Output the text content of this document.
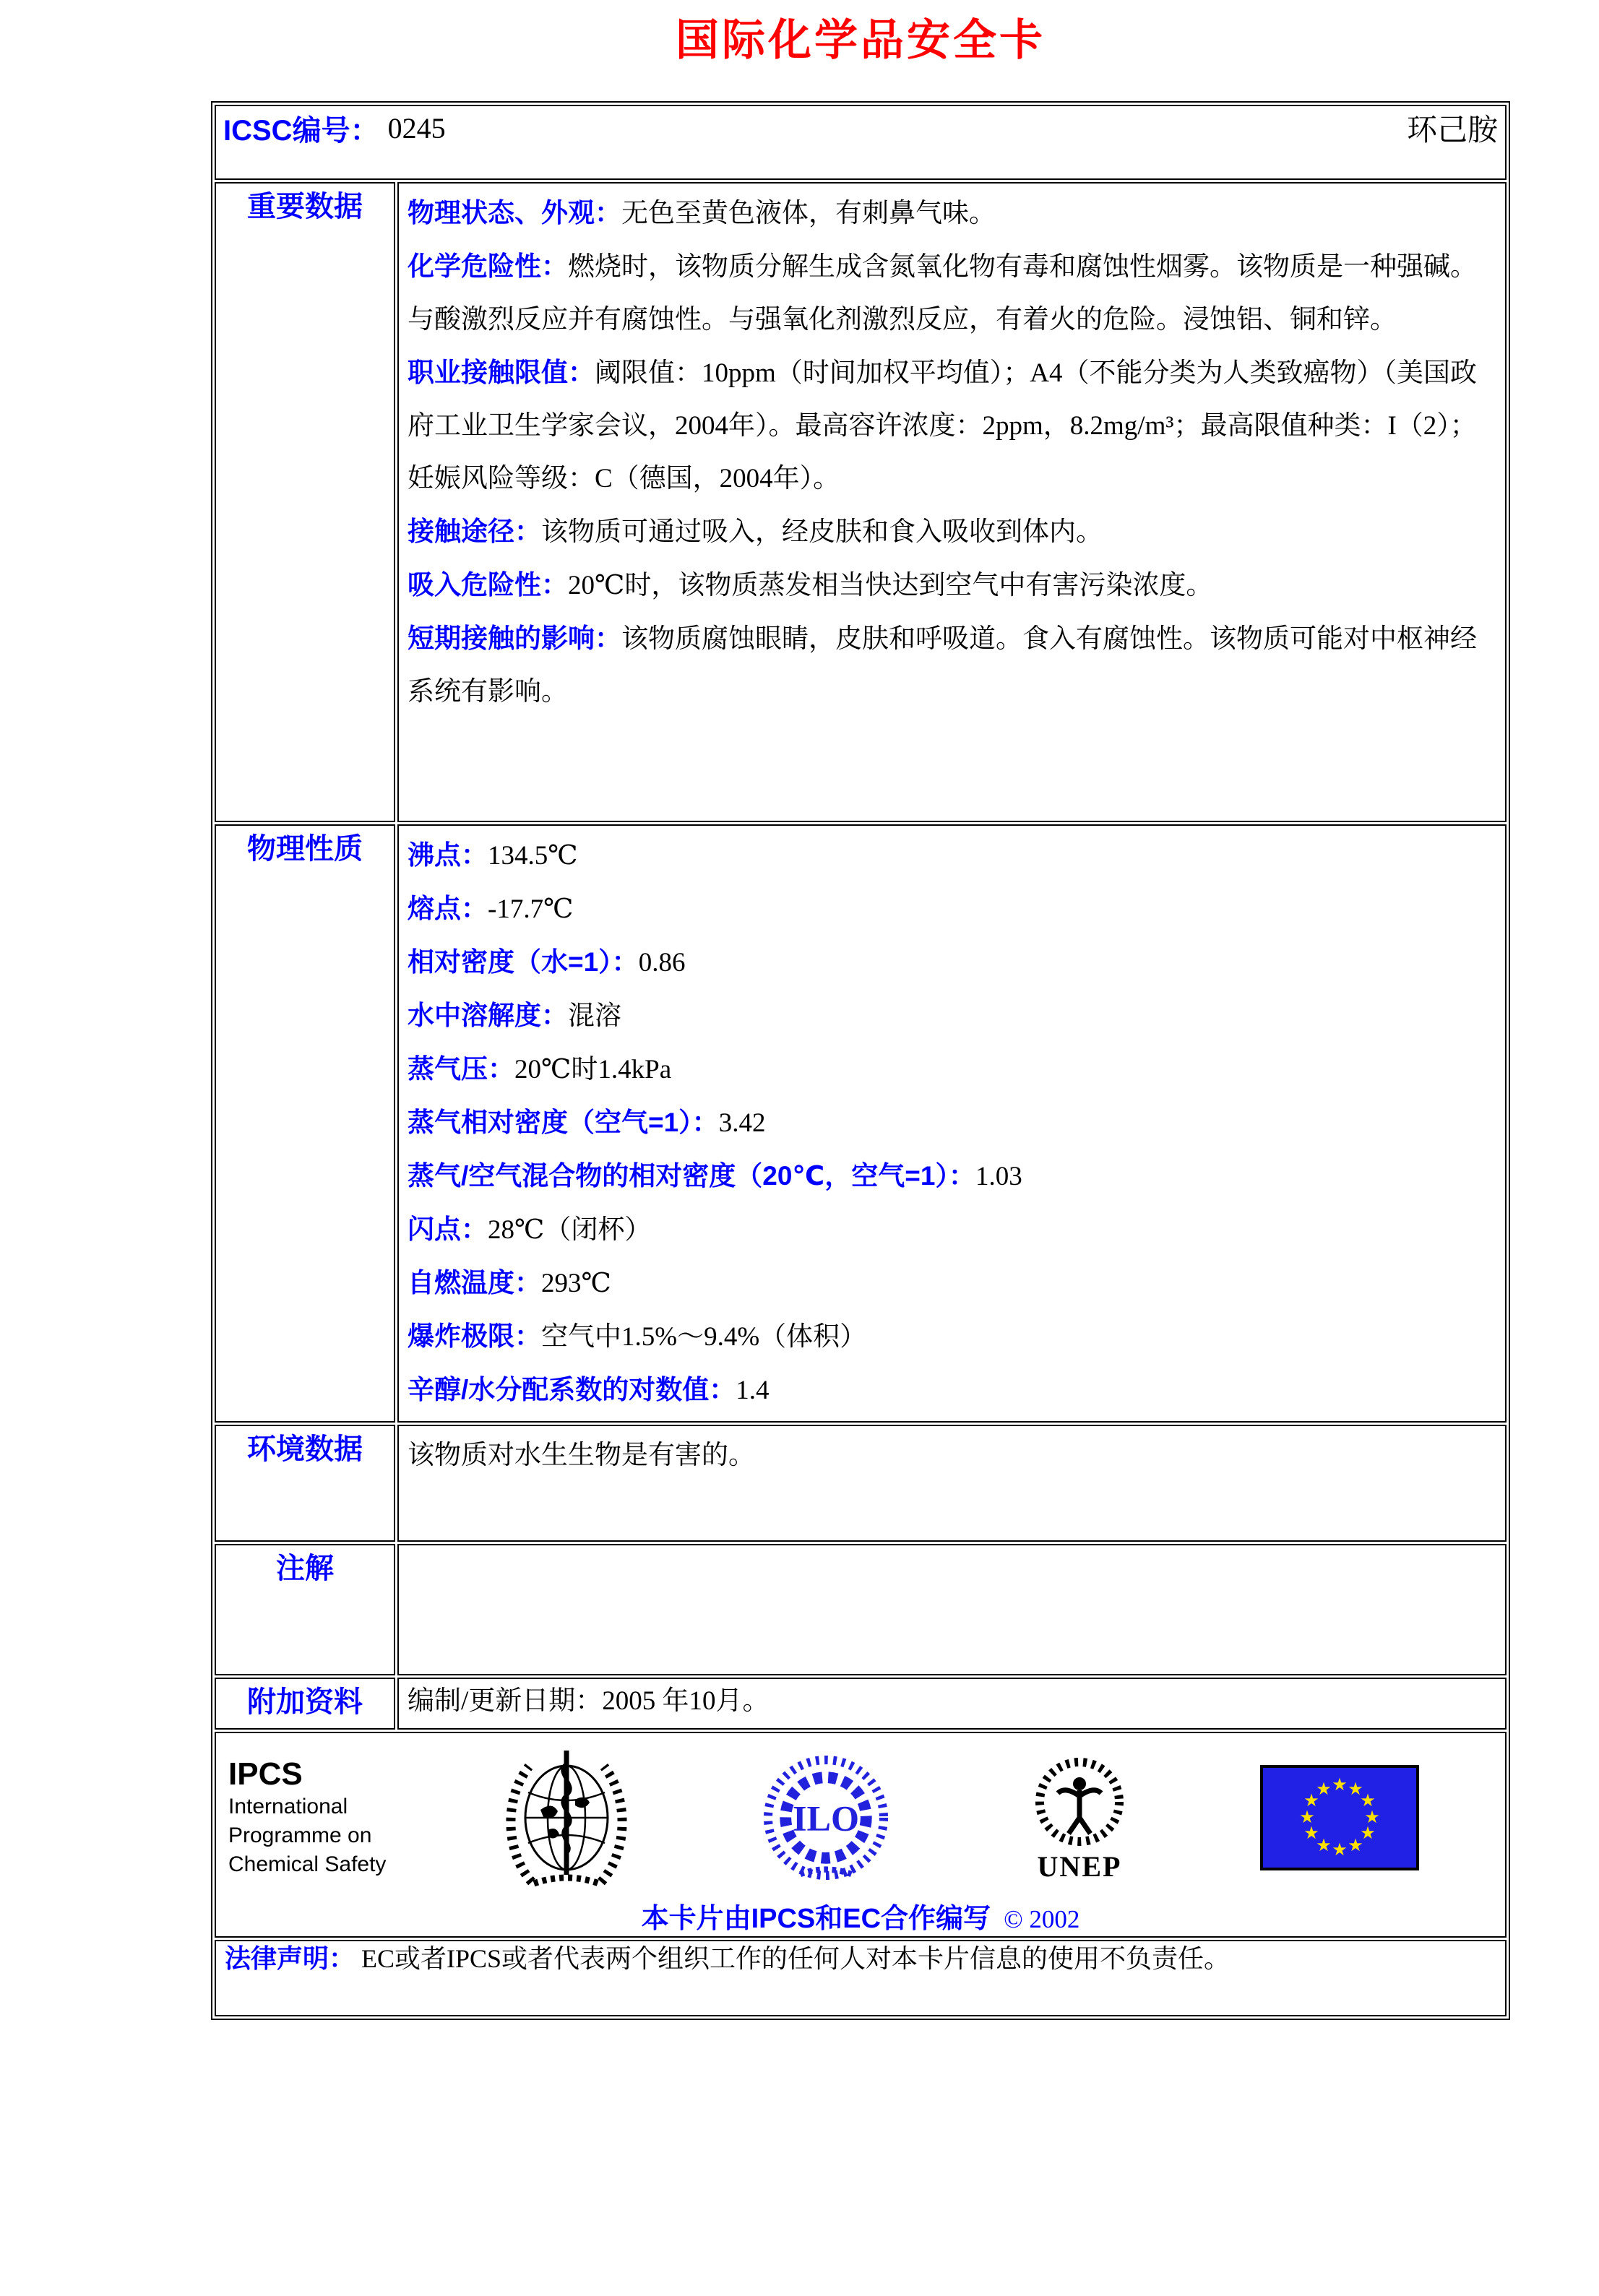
国际化学品安全卡
ICSC编号： 0245 环己胺	

重要数据	物理状态、外观：无色至黄色液体，有刺鼻气味。
化学危险性：燃烧时，该物质分解生成含氮氧化物有毒和腐蚀性烟雾。该物质是一种强碱。与酸激烈反应并有腐蚀性。与强氧化剂激烈反应，有着火的危险。浸蚀铝、铜和锌。
职业接触限值：阈限值：10ppm（时间加权平均值）；A4（不能分类为人类致癌物）（美国政府工业卫生学家会议，2004年）。最高容许浓度：2ppm，8.2mg/m³；最高限值种类：I（2）；妊娠风险等级：C（德国，2004年）。
接触途径：该物质可通过吸入，经皮肤和食入吸收到体内。
吸入危险性：20℃时，该物质蒸发相当快达到空气中有害污染浓度。
短期接触的影响：该物质腐蚀眼睛，皮肤和呼吸道。食入有腐蚀性。该物质可能对中枢神经系统有影响。

物理性质	沸点：134.5℃
熔点：-17.7℃
相对密度（水=1）：0.86
水中溶解度：混溶
蒸气压：20℃时1.4kPa
蒸气相对密度（空气=1）：3.42
蒸气/空气混合物的相对密度（20℃，空气=1）：1.03
闪点：28℃（闭杯）
自燃温度：293℃
爆炸极限：空气中1.5%～9.4%（体积）
辛醇/水分配系数的对数值：1.4

环境数据	该物质对水生生物是有害的。
注解	
附加资料	编制/更新日期：2005 年10月。

IPCS
International
Programme on
Chemical Safety
ILO
UNEP
★ ★
★
★
★
★
★
★
★
★
★
★
本卡片由IPCS和EC合作编写 © 2002

法律声明： EC或者IPCS或者代表两个组织工作的任何人对本卡片信息的使用不负责任。	
